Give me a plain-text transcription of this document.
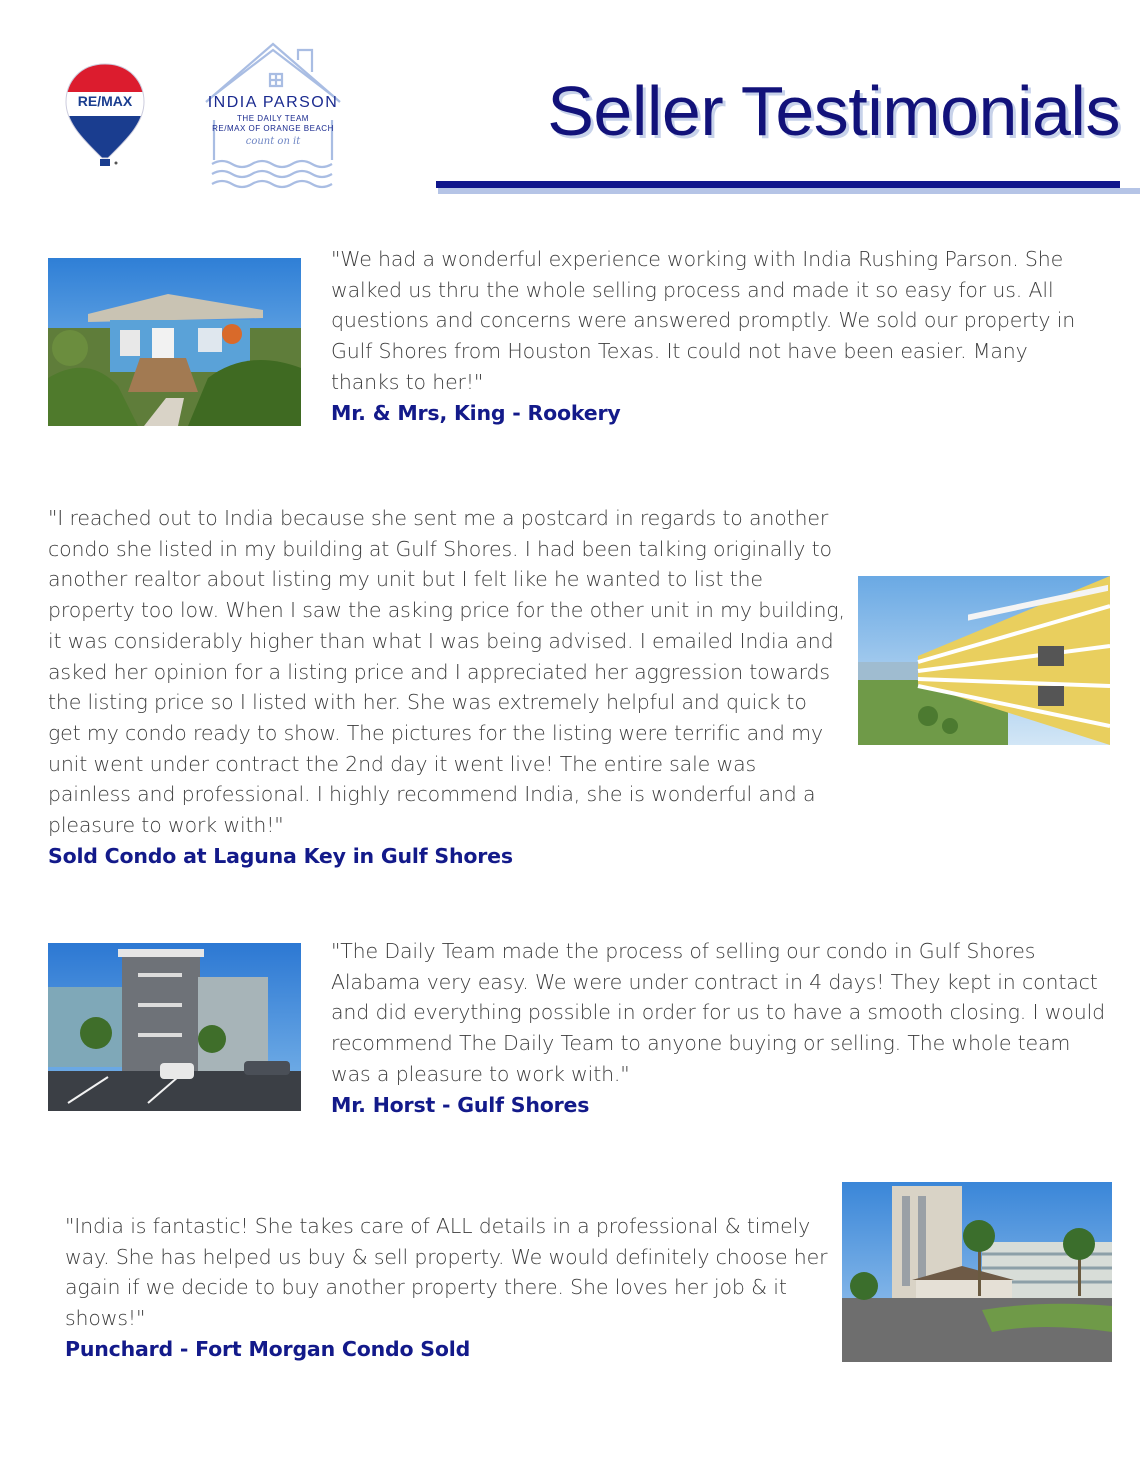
RE/MAX	INDIA PARSON
THE DAILY TEAM
RE/MAX OF ORANGE BEACH
count on it	Seller Testimonials
"We had a wonderful experience working with India Rushing Parson. She walked us thru the whole selling process and made it so easy for us. All questions and concerns were answered promptly. We sold our property in Gulf Shores from Houston Texas. It could not have been easier. Many thanks to her!"
Mr. & Mrs, King - Rookery
"I reached out to India because she sent me a postcard in regards to another condo she listed in my building at Gulf Shores. I had been talking originally to another realtor about listing my unit but I felt like he wanted to list the property too low. When I saw the asking price for the other unit in my building, it was considerably higher than what I was being advised. I emailed India and asked her opinion for a listing price and I appreciated her aggression towards the listing price so I listed with her. She was extremely helpful and quick to get my condo ready to show. The pictures for the listing were terrific and my unit went under contract the 2nd day it went live! The entire sale was painless and professional. I highly recommend India, she is wonderful and a pleasure to work with!"
Sold Condo at Laguna Key in Gulf Shores
"The Daily Team made the process of selling our condo in Gulf Shores Alabama very easy. We were under contract in 4 days! They kept in contact and did everything possible in order for us to have a smooth closing. I would recommend The Daily Team to anyone buying or selling. The whole team was a pleasure to work with."
Mr. Horst - Gulf Shores
"India is fantastic! She takes care of ALL details in a professional & timely way. She has helped us buy & sell property. We would definitely choose her again if we decide to buy another property there. She loves her job & it shows!"
Punchard - Fort Morgan Condo Sold
